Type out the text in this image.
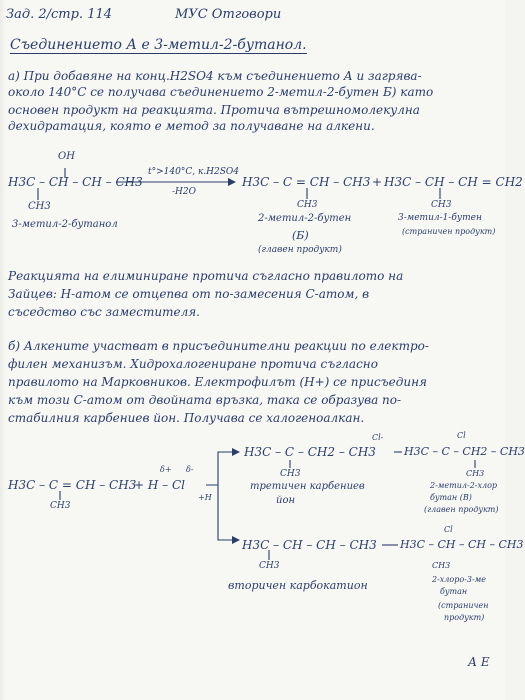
Зад. 2/стр. 114	МУС Отговори
Съединението А е 3-метил-2-бутанол.
а) При добавяне на конц.H2SO4 към съединението А и загрява-
около 140°С се получава съединението 2-метил-2-бутен Б) като
основен продукт на реакцията. Протича вътрешномолекулна
дехидратация, която е метод за получаване на алкени.
OH
H3C – CH – CH – CH3
CH3
3-метил-2-бутанол
t°>140°С, к.H2SO4
-H2O
H3C – C = CH – CH3
CH3
2-метил-2-бутен
(Б)
(главен продукт)
+ H3C – CH – CH = CH2
CH3
3-метил-1-бутен
(страничен продукт)
Реакцията на елиминиране протича съгласно правилото на
Зайцев: Н-атом се отцепва от по-замесения С-атом, в
съседство със заместителя.
б) Алкените участват в присъединителни реакции по електро-
филен механизъм. Хидрохалогениране протича съгласно
правилото на Марковников. Електрофилът (Н+) се присъединя
към този С-атом от двойната връзка, така се образува по-
стабилния карбениев йон. Получава се халогеноалкан.
H3C – C = CH – CH3
CH3
+ H – Cl
δ+ δ-
+H
H3C – C – CH2 – CH3
CH3
третичен карбениев
йон
Cl-	Cl
H3C – C – CH2 – CH3
CH3
2-метил-2-хлор
бутан (В)
(главен продукт)
H3C – CH – CH – CH3
CH3
вторичен карбокатион
Cl
H3C – CH – CH – CH3
CH3
2-хлоро-3-ме
бутан
(страничен
продукт)
А Е
